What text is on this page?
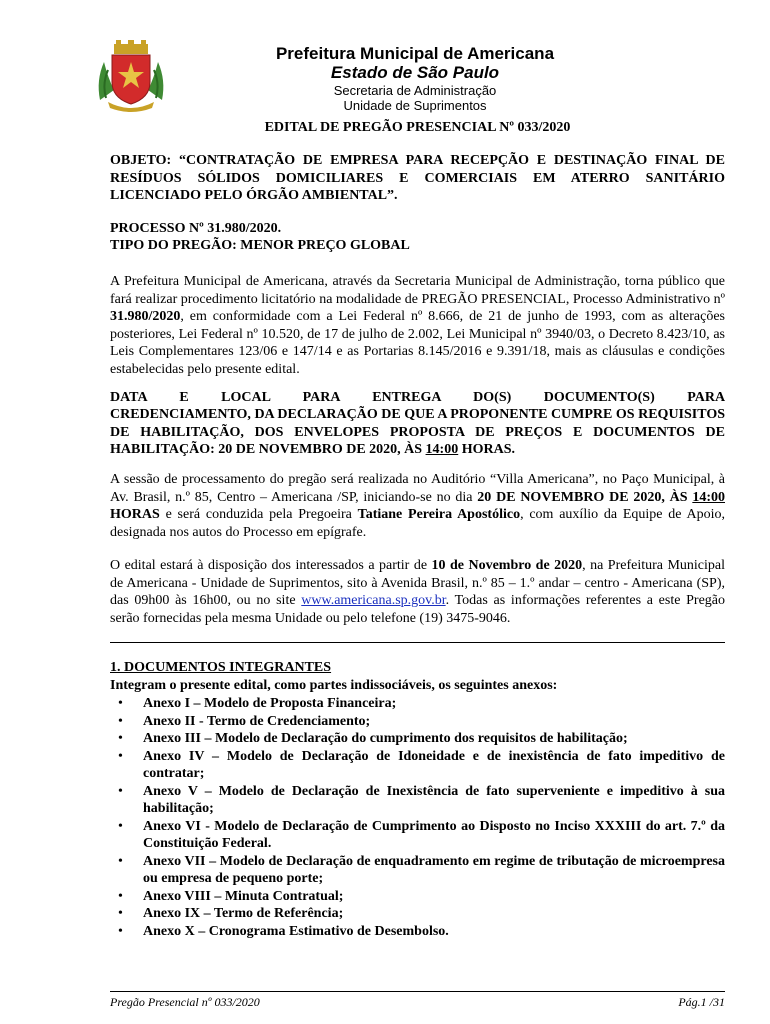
Prefeitura Municipal de Americana
Estado de São Paulo
Secretaria de Administração
Unidade de Suprimentos
EDITAL DE PREGÃO PRESENCIAL Nº 033/2020
OBJETO: “CONTRATAÇÃO DE EMPRESA PARA RECEPÇÃO E DESTINAÇÃO FINAL DE RESÍDUOS SÓLIDOS DOMICILIARES E COMERCIAIS EM ATERRO SANITÁRIO LICENCIADO PELO ÓRGÃO AMBIENTAL”.
PROCESSO Nº 31.980/2020.
TIPO DO PREGÃO: MENOR PREÇO GLOBAL
A Prefeitura Municipal de Americana, através da Secretaria Municipal de Administração, torna público que fará realizar procedimento licitatório na modalidade de PREGÃO PRESENCIAL, Processo Administrativo nº 31.980/2020, em conformidade com a Lei Federal nº 8.666, de 21 de junho de 1993, com as alterações posteriores, Lei Federal nº 10.520, de 17 de julho de 2.002, Lei Municipal nº 3940/03, o Decreto 8.423/10, as Leis Complementares 123/06 e 147/14 e as Portarias 8.145/2016 e 9.391/18, mais as cláusulas e condições estabelecidas pelo presente edital.
DATA E LOCAL PARA ENTREGA DO(S) DOCUMENTO(S) PARA
CREDENCIAMENTO, DA DECLARAÇÃO DE QUE A PROPONENTE CUMPRE OS REQUISITOS DE HABILITAÇÃO, DOS ENVELOPES PROPOSTA DE PREÇOS E DOCUMENTOS DE HABILITAÇÃO: 20 DE NOVEMBRO DE 2020, ÀS 14:00 HORAS.
A sessão de processamento do pregão será realizada no Auditório “Villa Americana”, no Paço Municipal, à Av. Brasil, n.º 85, Centro – Americana /SP, iniciando-se no dia 20 DE NOVEMBRO DE 2020, ÀS 14:00 HORAS e será conduzida pela Pregoeira Tatiane Pereira Apostólico, com auxílio da Equipe de Apoio, designada nos autos do Processo em epígrafe.
O edital estará à disposição dos interessados a partir de 10 de Novembro de 2020, na Prefeitura Municipal de Americana - Unidade de Suprimentos, sito à Avenida Brasil, n.º 85 – 1.º andar – centro - Americana (SP), das 09h00 às 16h00, ou no site www.americana.sp.gov.br. Todas as informações referentes a este Pregão serão fornecidas pela mesma Unidade ou pelo telefone (19) 3475-9046.
1. DOCUMENTOS INTEGRANTES
Integram o presente edital, como partes indissociáveis, os seguintes anexos:
• Anexo I – Modelo de Proposta Financeira;
• Anexo II - Termo de Credenciamento;
• Anexo III – Modelo de Declaração do cumprimento dos requisitos de habilitação;
• Anexo IV – Modelo de Declaração de Idoneidade e de inexistência de fato impeditivo de contratar;
• Anexo V – Modelo de Declaração de Inexistência de fato superveniente e impeditivo à sua habilitação;
• Anexo VI - Modelo de Declaração de Cumprimento ao Disposto no Inciso XXXIII do art. 7.º da Constituição Federal.
• Anexo VII – Modelo de Declaração de enquadramento em regime de tributação de microempresa ou empresa de pequeno porte;
• Anexo VIII – Minuta Contratual;
• Anexo IX – Termo de Referência;
• Anexo X – Cronograma Estimativo de Desembolso.
Pregão Presencial nº 033/2020	Pág.1 /31
